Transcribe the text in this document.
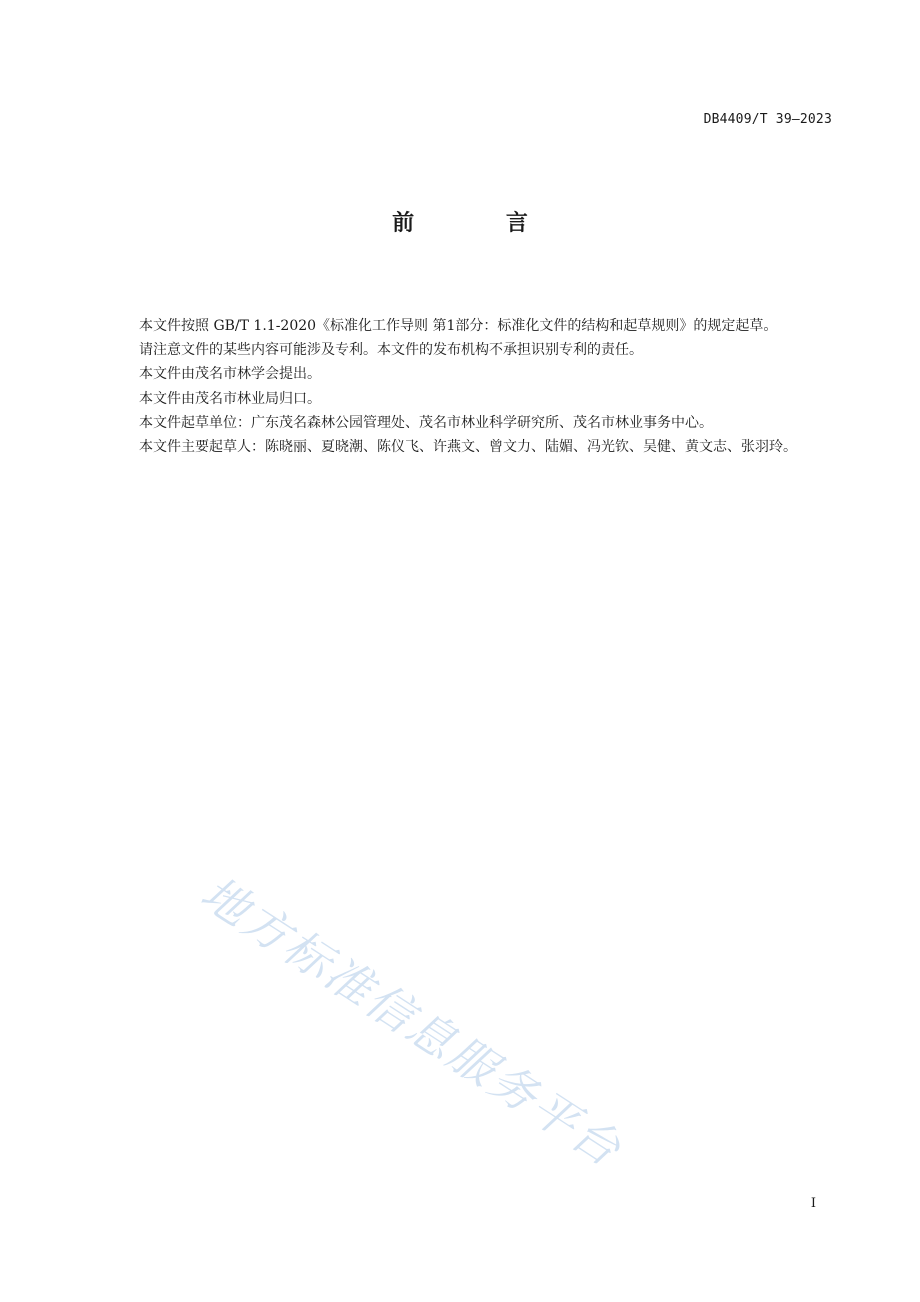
DB4409/T 39—2023
前 言

本文件按照 GB/T 1.1-2020《标准化工作导则 第1部分：标准化文件的结构和起草规则》的规定起草。

请注意文件的某些内容可能涉及专利。本文件的发布机构不承担识别专利的责任。

本文件由茂名市林学会提出。

本文件由茂名市林业局归口。

本文件起草单位：广东茂名森林公园管理处、茂名市林业科学研究所、茂名市林业事务中心。

本文件主要起草人：陈晓丽、夏晓潮、陈仪飞、许燕文、曾文力、陆媚、冯光钦、吴健、黄文志、张羽玲。

地方标准信息服务平台
I
